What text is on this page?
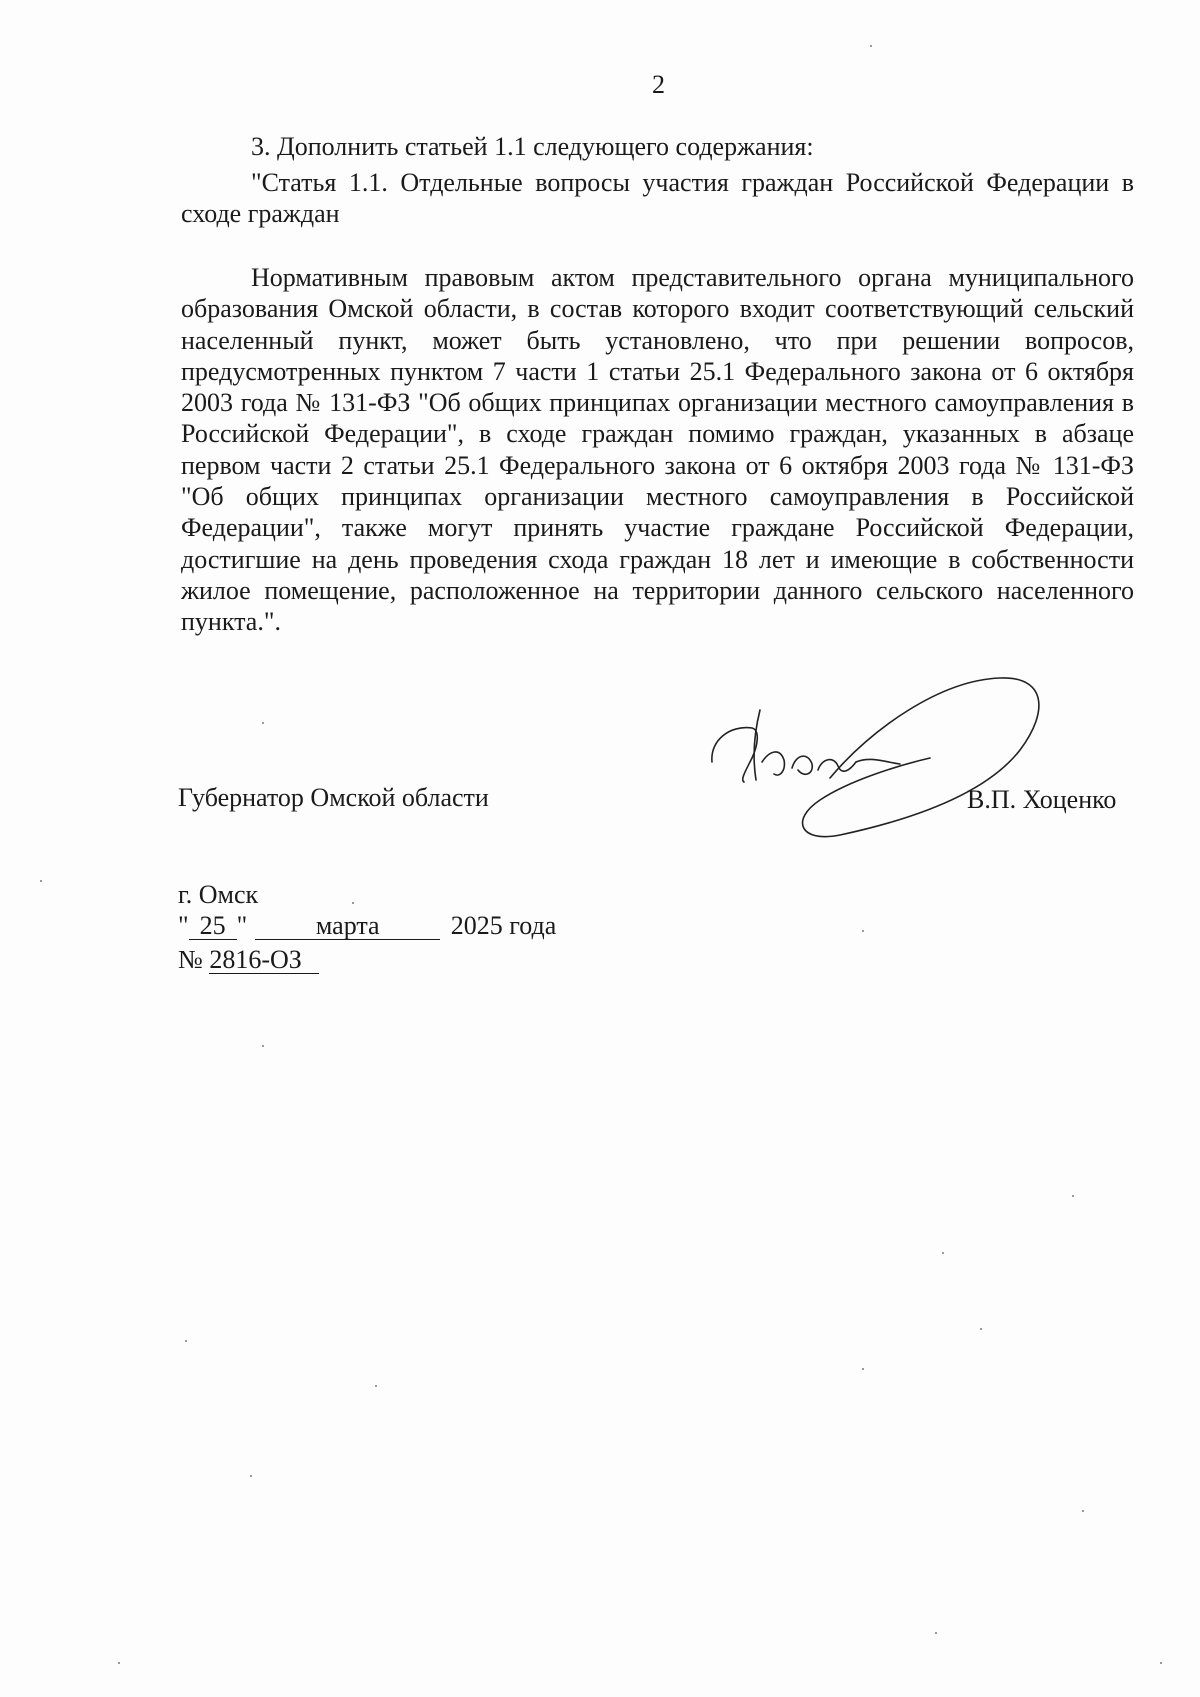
2

3. Дополнить статьей 1.1 следующего содержания:

"Статья 1.1. Отдельные вопросы участия граждан Российской Федерации в сходе граждан

Нормативным правовым актом представительного органа муниципального образования Омской области, в состав которого входит соответствующий сельский населенный пункт, может быть установлено, что при решении вопросов, предусмотренных пунктом 7 части 1 статьи 25.1 Федерального закона от 6 октября 2003 года № 131-ФЗ "Об общих принципах организации местного самоуправления в Российской Федерации", в сходе граждан помимо граждан, указанных в абзаце первом части 2 статьи 25.1 Федерального закона от 6 октября 2003 года № 131-ФЗ "Об общих принципах организации местного самоуправления в Российской Федерации", также могут принять участие граждане Российской Федерации, достигшие на день проведения схода граждан 18 лет и имеющие в собственности жилое помещение, расположенное на территории данного сельского населенного пункта.".

Губернатор Омской области	В.П. Хоценко
г. Омск
" 25 "	марта	2025 года
№ 2816-ОЗ
